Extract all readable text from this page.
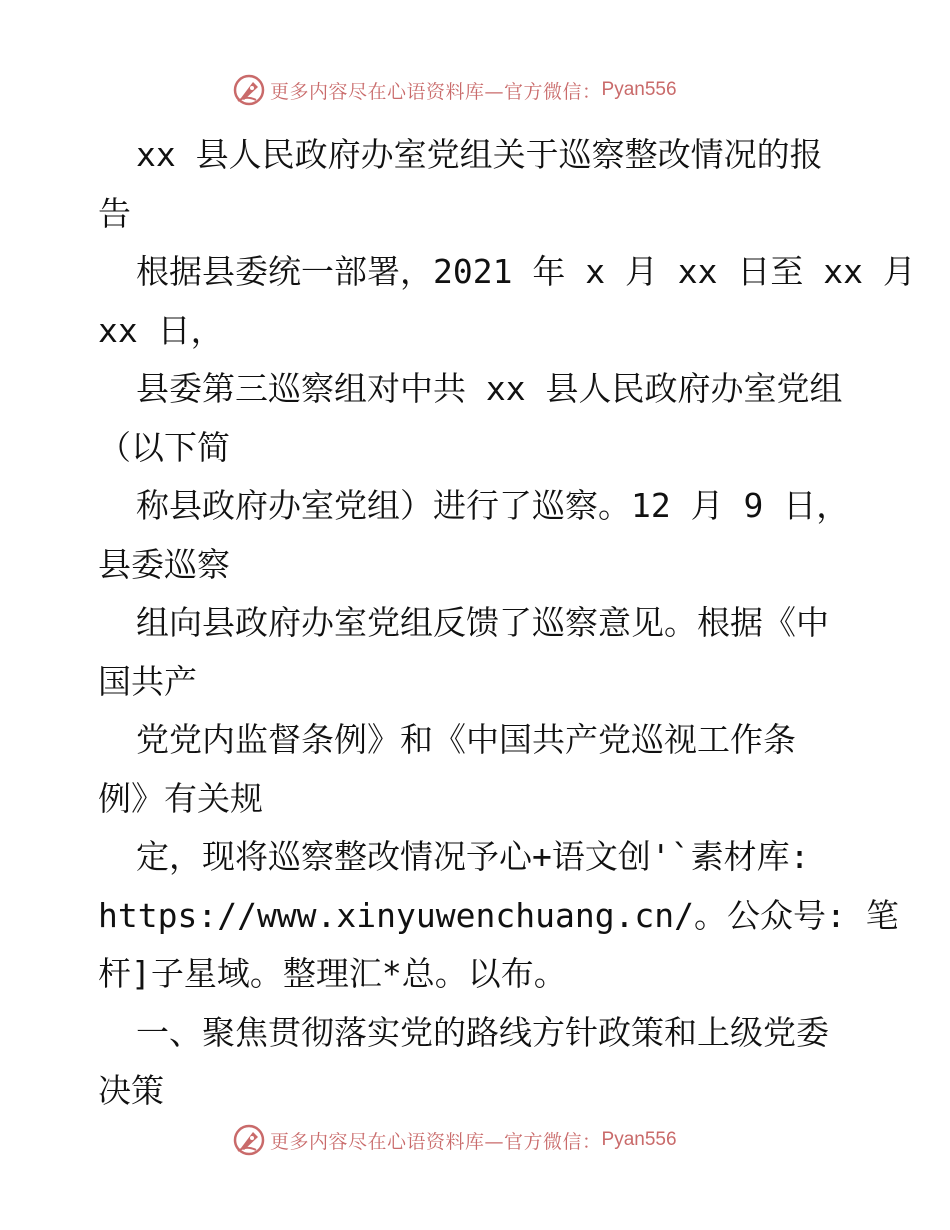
更多内容尽在心语资料库—官方微信： Pyan556
xx 县人民政府办室党组关于巡察整改情况的报
告
根据县委统一部署，2021 年 x 月 xx 日至 xx 月
xx 日，
县委第三巡察组对中共 xx 县人民政府办室党组
（以下简
称县政府办室党组）进行了巡察。12 月 9 日，
县委巡察
组向县政府办室党组反馈了巡察意见。根据《中
国共产
党党内监督条例》和《中国共产党巡视工作条
例》有关规
定，现将巡察整改情况予心+语文创'`素材库:
https://www.xinyuwenchuang.cn/。公众号: 笔
杆]子星域。整理汇*总。以布。
一、聚焦贯彻落实党的路线方针政策和上级党委
决策
更多内容尽在心语资料库—官方微信： Pyan556
